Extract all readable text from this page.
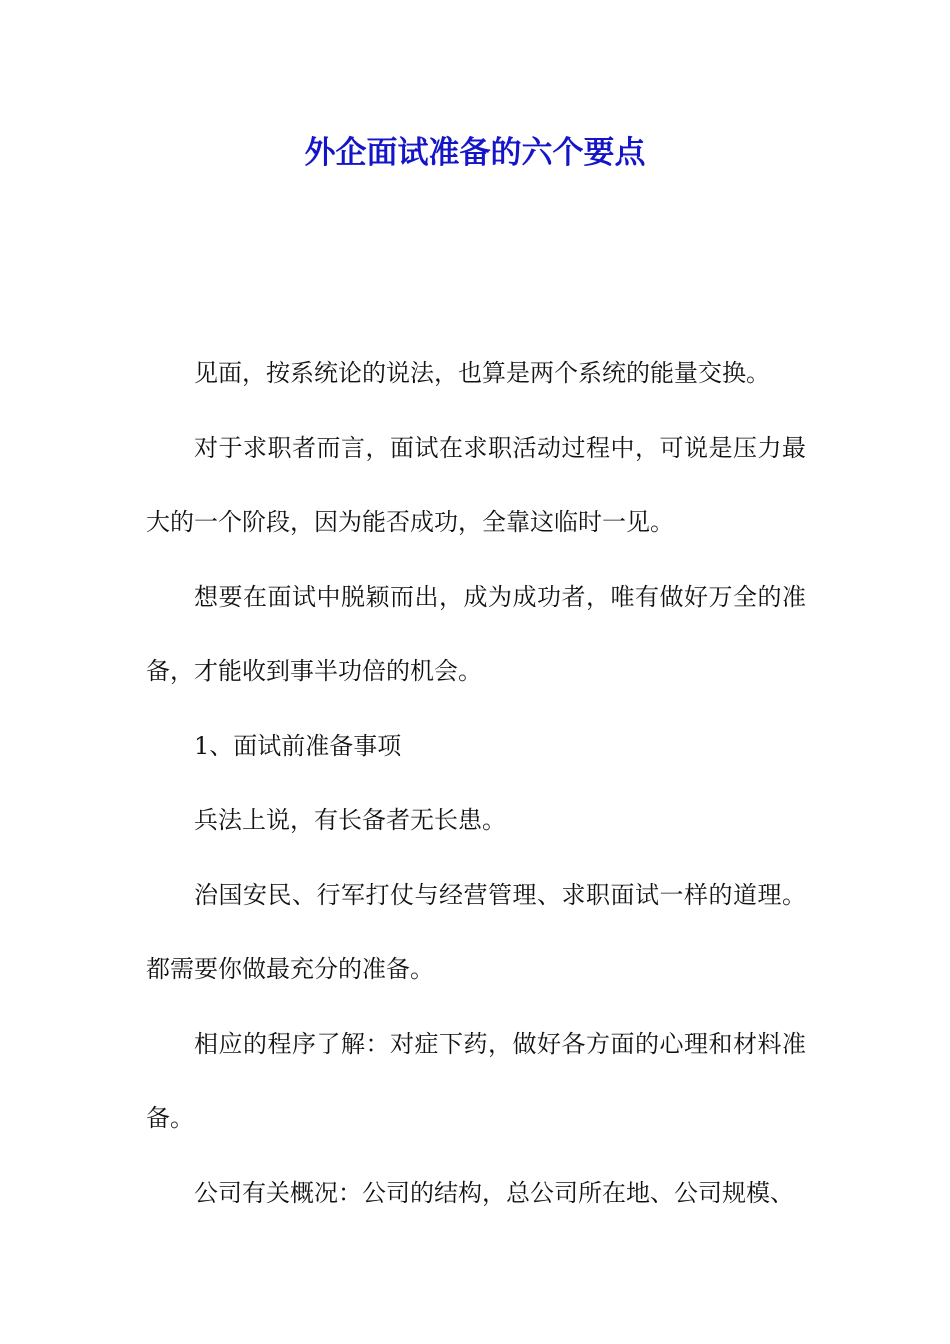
外企面试准备的六个要点

见面，按系统论的说法，也算是两个系统的能量交换。

对于求职者而言，面试在求职活动过程中，可说是压力最大的一个阶段，因为能否成功，全靠这临时一见。

想要在面试中脱颖而出，成为成功者，唯有做好万全的准备，才能收到事半功倍的机会。

1、面试前准备事项

兵法上说，有长备者无长患。

治国安民、行军打仗与经营管理、求职面试一样的道理。都需要你做最充分的准备。

相应的程序了解：对症下药，做好各方面的心理和材料准备。

公司有关概况：公司的结构，总公司所在地、公司规模、
